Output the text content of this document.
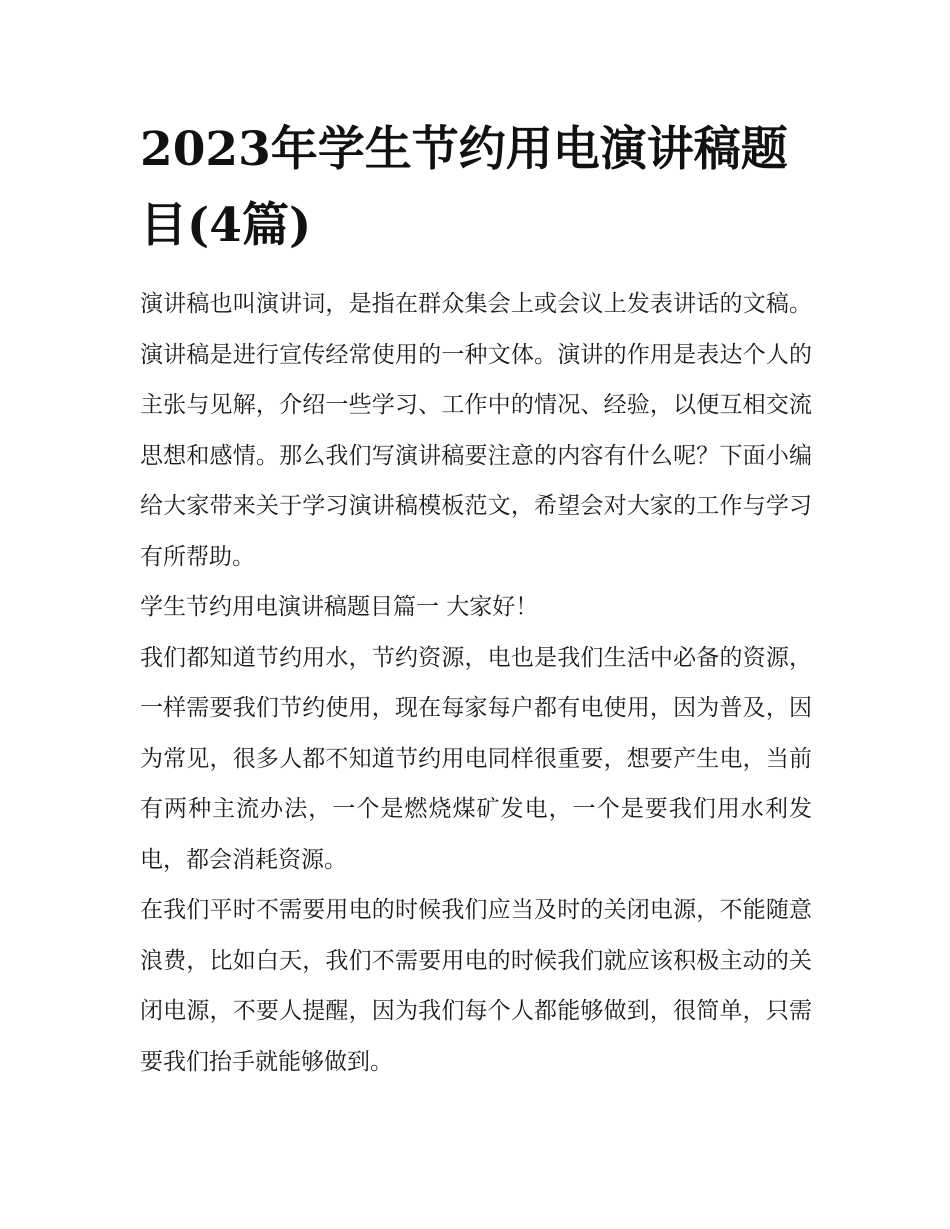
2023年学生节约用电演讲稿题目(4篇)

演讲稿也叫演讲词，是指在群众集会上或会议上发表讲话的文稿。演讲稿是进行宣传经常使用的一种文体。演讲的作用是表达个人的主张与见解，介绍一些学习、工作中的情况、经验，以便互相交流思想和感情。那么我们写演讲稿要注意的内容有什么呢？下面小编给大家带来关于学习演讲稿模板范文，希望会对大家的工作与学习有所帮助。

学生节约用电演讲稿题目篇一 大家好！

我们都知道节约用水，节约资源，电也是我们生活中必备的资源，一样需要我们节约使用，现在每家每户都有电使用，因为普及，因为常见，很多人都不知道节约用电同样很重要，想要产生电，当前有两种主流办法，一个是燃烧煤矿发电，一个是要我们用水利发电，都会消耗资源。

在我们平时不需要用电的时候我们应当及时的关闭电源，不能随意浪费，比如白天，我们不需要用电的时候我们就应该积极主动的关闭电源，不要人提醒，因为我们每个人都能够做到，很简单，只需要我们抬手就能够做到。
